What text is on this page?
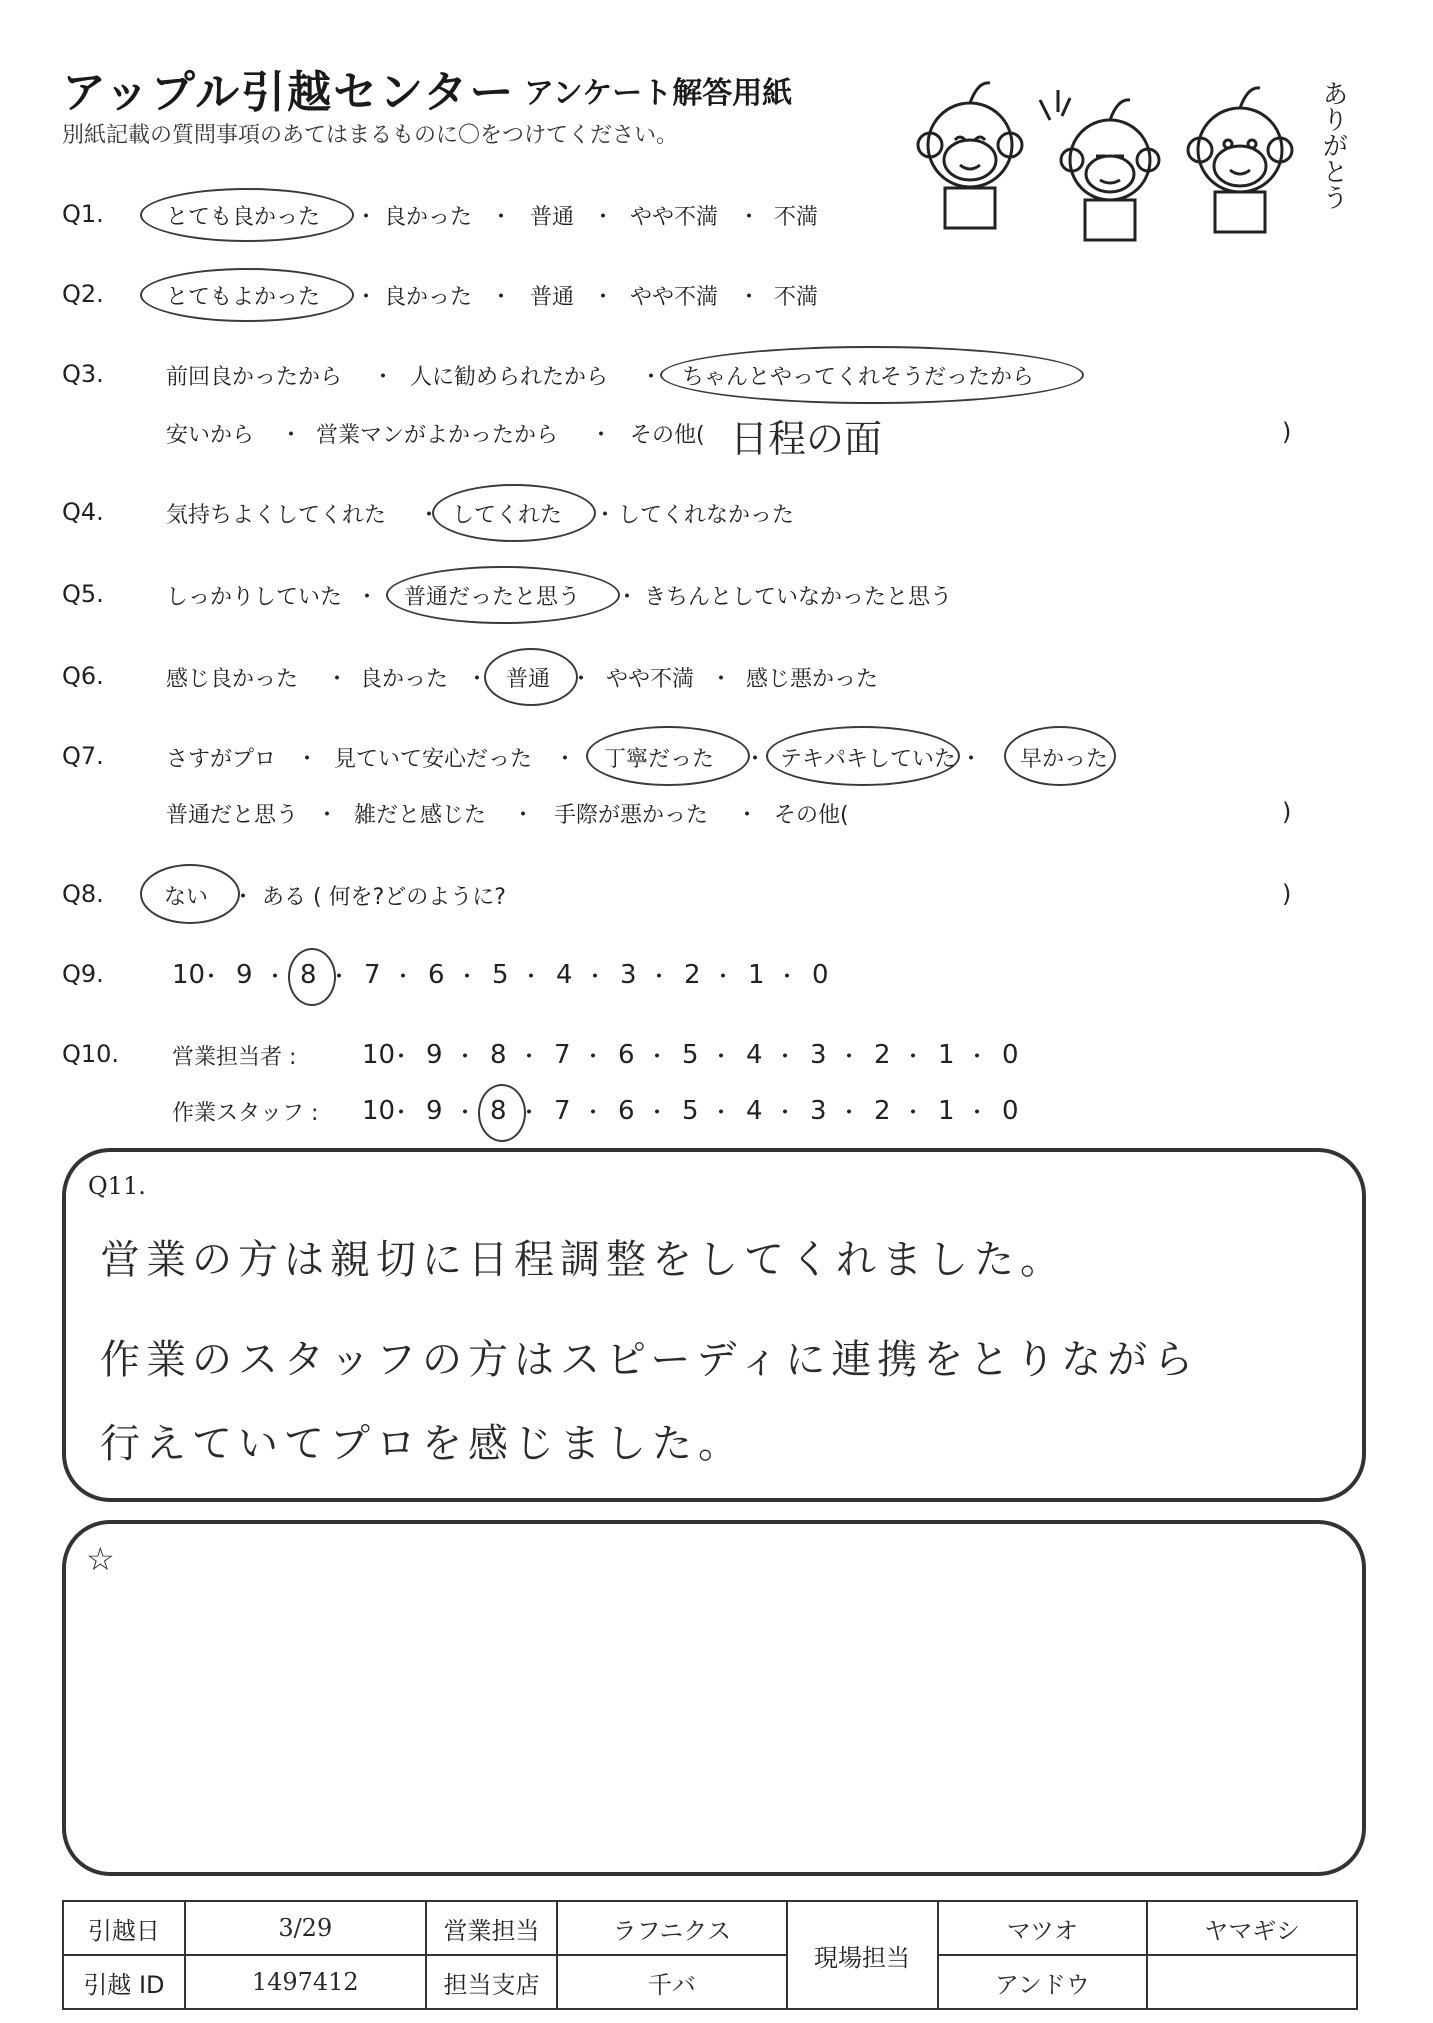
アップル引越センター アンケート解答用紙
別紙記載の質問事項のあてはまるものに〇をつけてください。	ありがとう
Q1.	とても良かった ・ 良かった ・ 普通 ・ やや不満 ・ 不満
Q2.	とてもよかった ・ 良かった ・ 普通 ・ やや不満 ・ 不満
Q3.	前回良かったから ・ 人に勧められたから ・ ちゃんとやってくれそうだったから
安いから ・ 営業マンがよかったから ・ その他( 日程の面	)
Q4.	気持ちよくしてくれた ・ してくれた ・ してくれなかった
Q5.	しっかりしていた ・ 普通だったと思う ・ きちんとしていなかったと思う
Q6.	感じ良かった ・ 良かった ・ 普通 ・ やや不満 ・ 感じ悪かった
Q7.	さすがプロ ・ 見ていて安心だった ・ 丁寧だった ・ テキパキしていた ・ 早かった
普通だと思う ・ 雑だと感じた ・ 手際が悪かった ・ その他(	)
Q8.	ない ・ ある ( 何を?どのように?	)
Q9.	10
・ 9 ・ 8 ・ 7 ・ 6 ・ 5 ・ 4 ・ 3 ・ 2 ・ 1 ・ 0
Q10. 営業担当者 :	10
・ 9 ・ 8 ・ 7 ・ 6 ・ 5 ・ 4 ・ 3 ・ 2 ・ 1 ・ 0
作業スタッフ : 10
・ 9 ・ 8 ・ 7 ・ 6 ・ 5 ・ 4 ・ 3 ・ 2 ・ 1 ・ 0
Q11.
営業の方は親切に日程調整をしてくれました。
作業のスタッフの方はスピーディに連携をとりながら
行えていてプロを感じました。
☆
引越日	3/29	営業担当	ラフニクス	現場担当	マツオ	ヤマギシ
引越 ID	1497412	担当支店	千バ		アンドウ	
